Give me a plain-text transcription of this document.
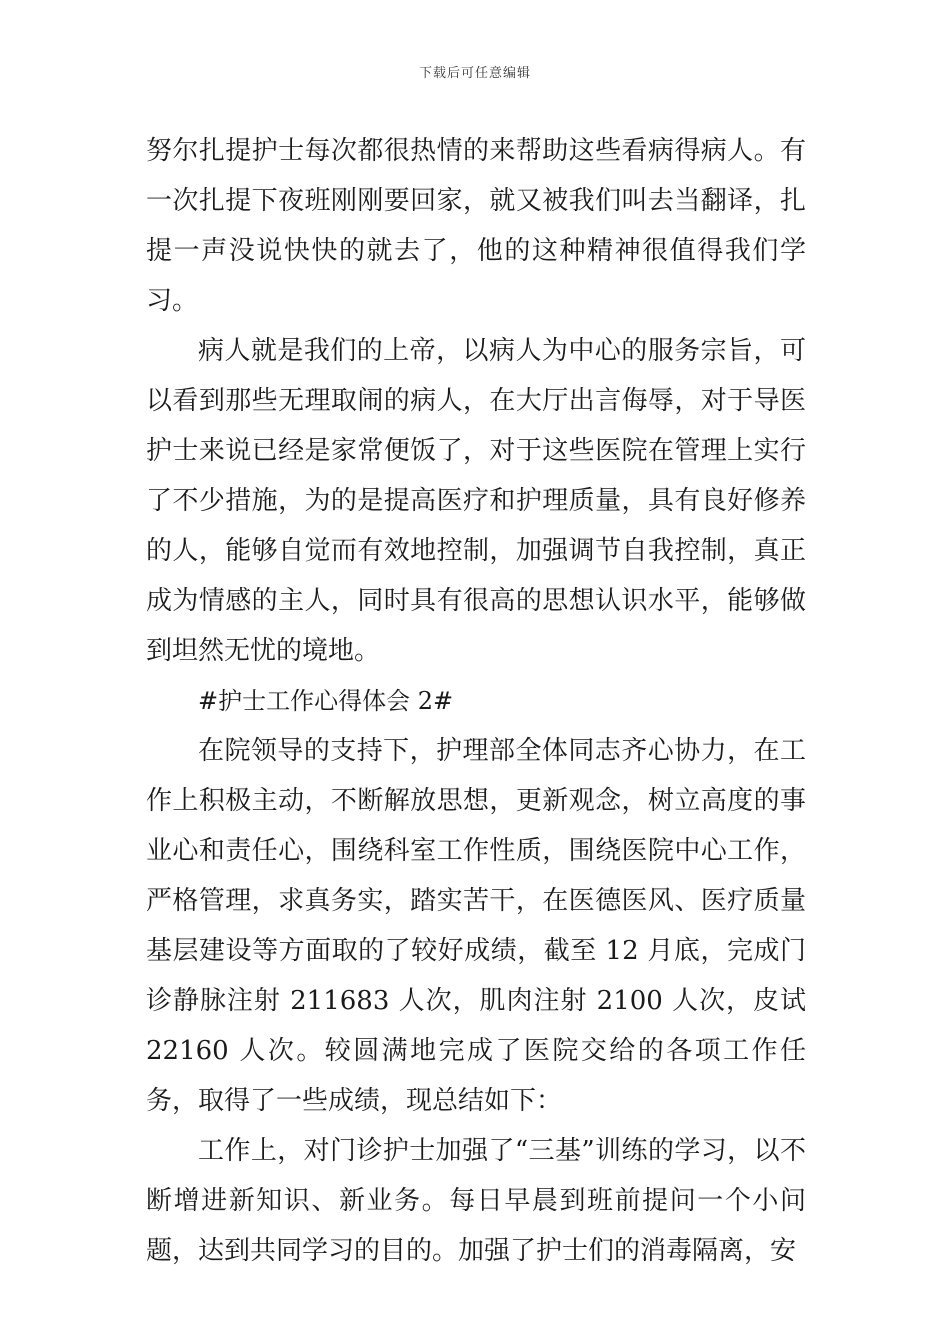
下载后可任意编辑

努尔扎提护士每次都很热情的来帮助这些看病得病人。有一次扎提下夜班刚刚要回家，就又被我们叫去当翻译，扎提一声没说快快的就去了，他的这种精神很值得我们学习。

病人就是我们的上帝，以病人为中心的服务宗旨，可以看到那些无理取闹的病人，在大厅出言侮辱，对于导医护士来说已经是家常便饭了，对于这些医院在管理上实行了不少措施，为的是提高医疗和护理质量，具有良好修养的人，能够自觉而有效地控制，加强调节自我控制，真正成为情感的主人，同时具有很高的思想认识水平，能够做到坦然无忧的境地。

#护士工作心得体会 2#

在院领导的支持下，护理部全体同志齐心协力，在工作上积极主动，不断解放思想，更新观念，树立高度的事业心和责任心，围绕科室工作性质，围绕医院中心工作，严格管理，求真务实，踏实苦干，在医德医风、医疗质量基层建设等方面取的了较好成绩，截至 12 月底，完成门诊静脉注射 211683 人次，肌肉注射 2100 人次，皮试 22160 人次。较圆满地完成了医院交给的各项工作任务，取得了一些成绩，现总结如下：

工作上，对门诊护士加强了“三基”训练的学习，以不断增进新知识、新业务。每日早晨到班前提问一个小问题，达到共同学习的目的。加强了护士们的消毒隔离，安
